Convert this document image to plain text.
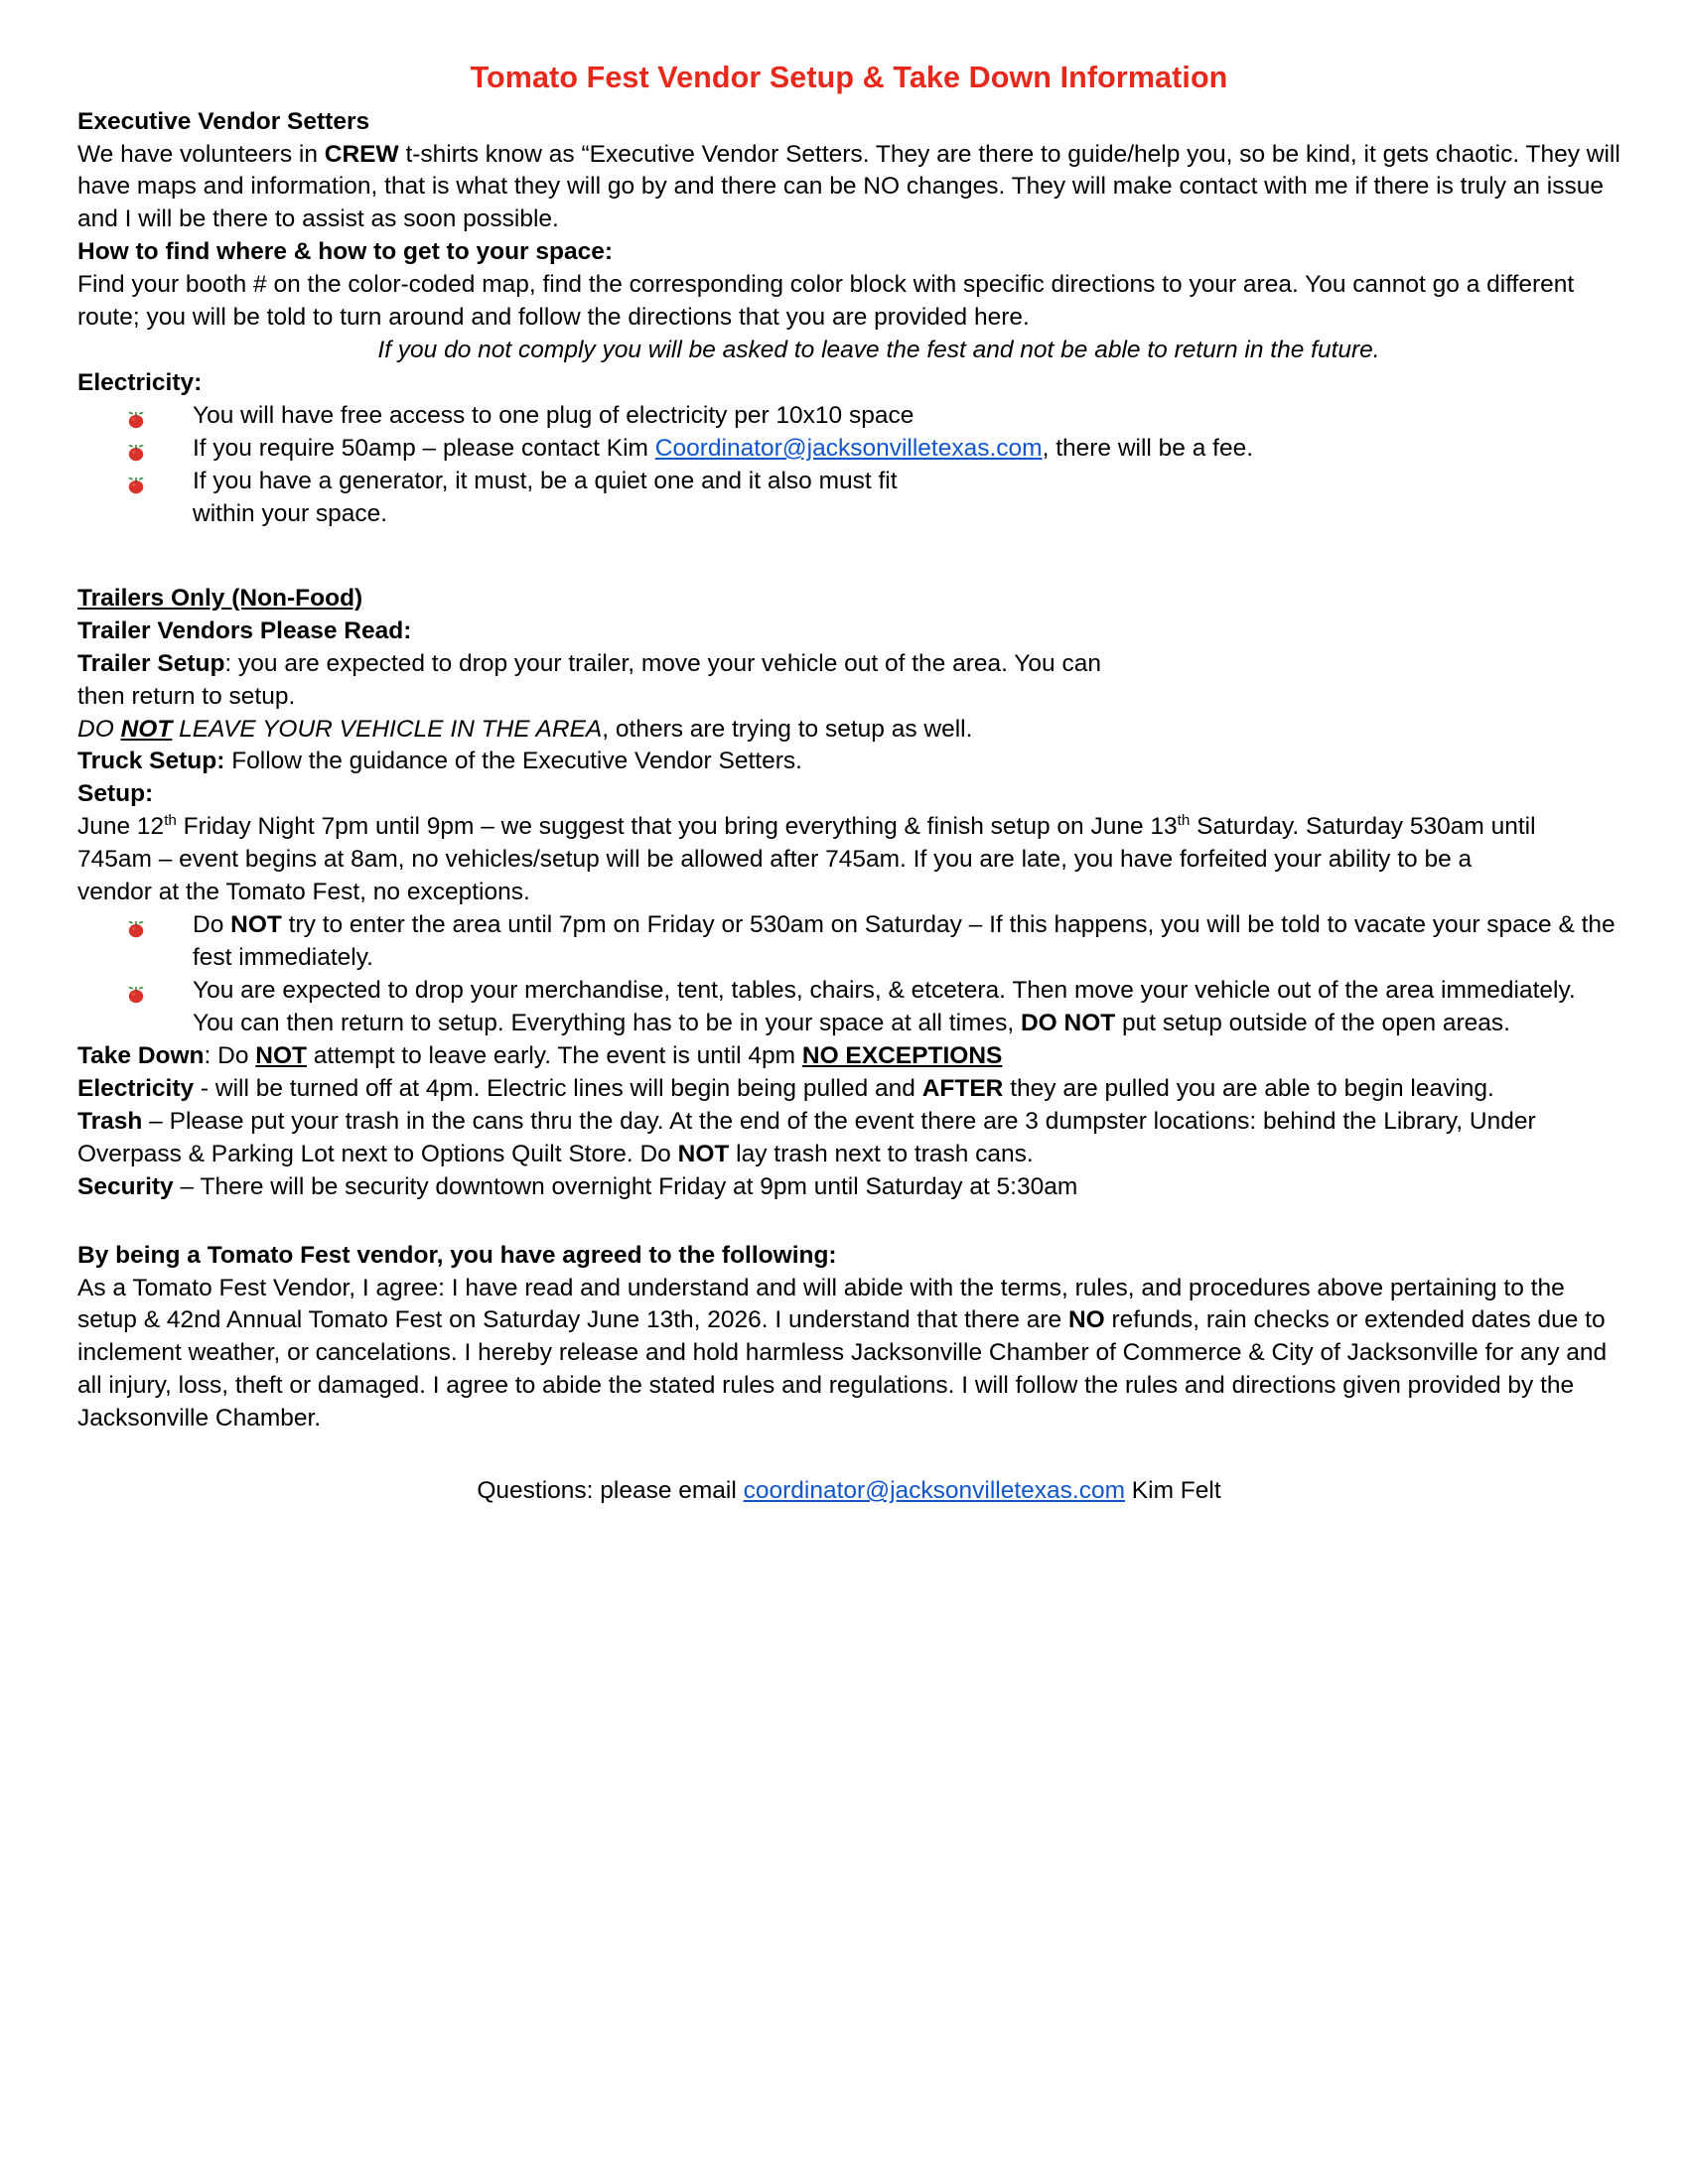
Tomato Fest Vendor Setup & Take Down Information
Executive Vendor Setters

We have volunteers in CREW t-shirts know as “Executive Vendor Setters. They are there to guide/help you, so be kind, it gets chaotic. They will have maps and information, that is what they will go by and there can be NO changes. They will make contact with me if there is truly an issue and I will be there to assist as soon possible.

How to find where & how to get to your space:

Find your booth # on the color-coded map, find the corresponding color block with specific directions to your area. You cannot go a different route; you will be told to turn around and follow the directions that you are provided here.

If you do not comply you will be asked to leave the fest and not be able to return in the future.

Electricity:
You will have free access to one plug of electricity per 10x10 space
If you require 50amp – please contact Kim Coordinator@jacksonvilletexas.com, there will be a fee.
If you have a generator, it must, be a quiet one and it also must fit within your space.
Trailers Only (Non-Food)
Trailer Vendors Please Read:

Trailer Setup: you are expected to drop your trailer, move your vehicle out of the area. You can then return to setup.

DO NOT LEAVE YOUR VEHICLE IN THE AREA, others are trying to setup as well.

Truck Setup: Follow the guidance of the Executive Vendor Setters.

Setup:

June 12th Friday Night 7pm until 9pm – we suggest that you bring everything & finish setup on June 13th Saturday. Saturday 530am until 745am – event begins at 8am, no vehicles/setup will be allowed after 745am. If you are late, you have forfeited your ability to be a vendor at the Tomato Fest, no exceptions.

Do NOT try to enter the area until 7pm on Friday or 530am on Saturday – If this happens, you will be told to vacate your space & the fest immediately.
You are expected to drop your merchandise, tent, tables, chairs, & etcetera. Then move your vehicle out of the area immediately. You can then return to setup. Everything has to be in your space at all times, DO NOT put setup outside of the open areas.

Take Down: Do NOT attempt to leave early. The event is until 4pm NO EXCEPTIONS

Electricity - will be turned off at 4pm. Electric lines will begin being pulled and AFTER they are pulled you are able to begin leaving.

Trash – Please put your trash in the cans thru the day. At the end of the event there are 3 dumpster locations: behind the Library, Under Overpass & Parking Lot next to Options Quilt Store. Do NOT lay trash next to trash cans.

Security – There will be security downtown overnight Friday at 9pm until Saturday at 5:30am

By being a Tomato Fest vendor, you have agreed to the following:

As a Tomato Fest Vendor, I agree: I have read and understand and will abide with the terms, rules, and procedures above pertaining to the setup & 42nd Annual Tomato Fest on Saturday June 13th, 2026. I understand that there are NO refunds, rain checks or extended dates due to inclement weather, or cancelations. I hereby release and hold harmless Jacksonville Chamber of Commerce & City of Jacksonville for any and all injury, loss, theft or damaged. I agree to abide the stated rules and regulations. I will follow the rules and directions given provided by the Jacksonville Chamber.

Questions: please email coordinator@jacksonvilletexas.com Kim Felt
